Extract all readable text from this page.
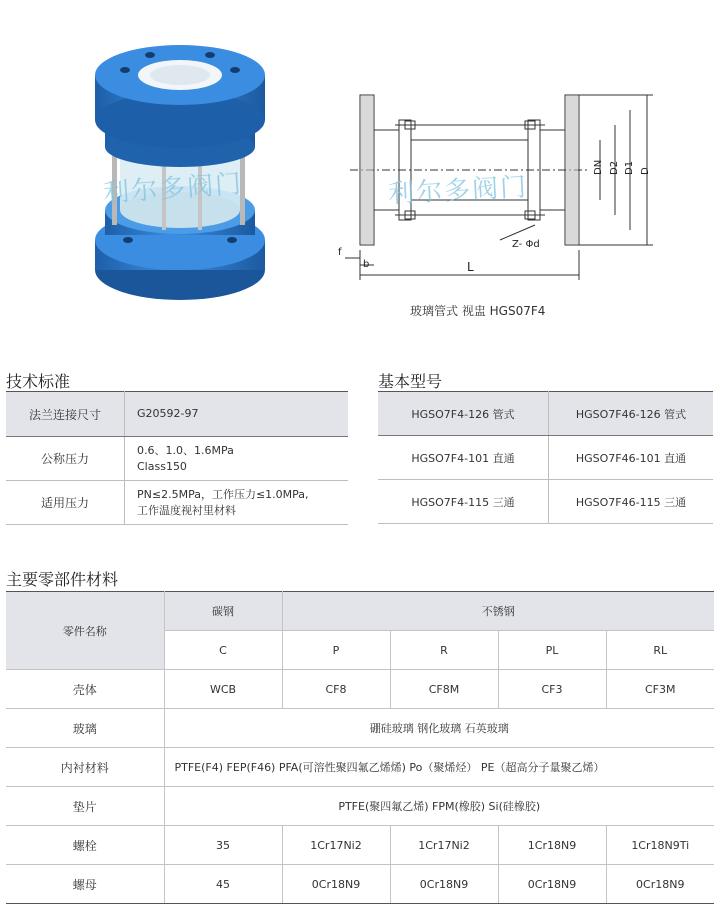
利尔多阀门
DN D2 D1 D
L
f
b
Z- Φd
利尔多阀门
玻璃管式 视盅 HGS07F4
技术标准	基本型号
主要零部件材料
法兰连接尺寸	G20592-97
公称压力	0.6、1.0、1.6MPa
Class150

适用压力	PN≤2.5MPa，工作压力≤1.0MPa,
工作温度视衬里材料
HGSO7F4-126 管式	HGSO7F46-126 管式
HGSO7F4-101 直通	HGSO7F46-101 直通
HGSO7F4-115 三通	HGSO7F46-115 三通
零件名称	碳钢	不锈钢			
	C	P	R	PL	RL
壳体	WCB	CF8	CF8M	CF3	CF3M
玻璃	硼硅玻璃 钢化玻璃 石英玻璃				
内衬材料	PTFE(F4) FEP(F46) PFA(可溶性聚四氟乙烯烯) Po（聚烯烃） PE（超高分子量聚乙烯）				
垫片	PTFE(聚四氟乙烯) FPM(橡胶) Si(硅橡胶)				
螺栓	35	1Cr17Ni2	1Cr17Ni2	1Cr18N9	1Cr18N9Ti
螺母	45	0Cr18N9	0Cr18N9	0Cr18N9	0Cr18N9
